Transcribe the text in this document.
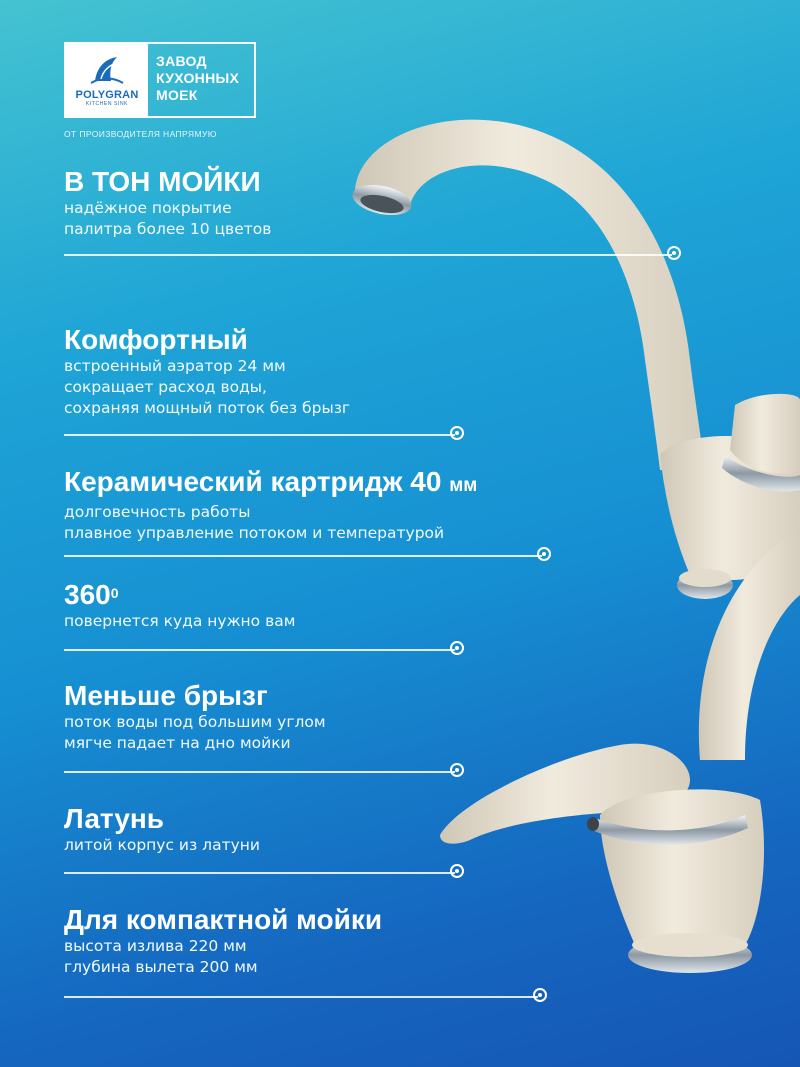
POLYGRAN
KITCHEN SINK
ЗАВОД
КУХОННЫХ
МОЕК
ОТ ПРОИЗВОДИТЕЛЯ НАПРЯМУЮ
В ТОН МОЙКИ
надёжное покрытие
палитра более 10 цветов
Комфортный
встроенный аэратор 24 мм
сокращает расход воды,
сохраняя мощный поток без брызг
Керамический картридж 40 мм
долговечность работы
плавное управление потоком и температурой
$360^0$
повернется куда нужно вам
Меньше брызг
поток воды под большим углом
мягче падает на дно мойки
Латунь
литой корпус из латуни
Для компактной мойки
высота излива 220 мм
глубина вылета 200 мм
